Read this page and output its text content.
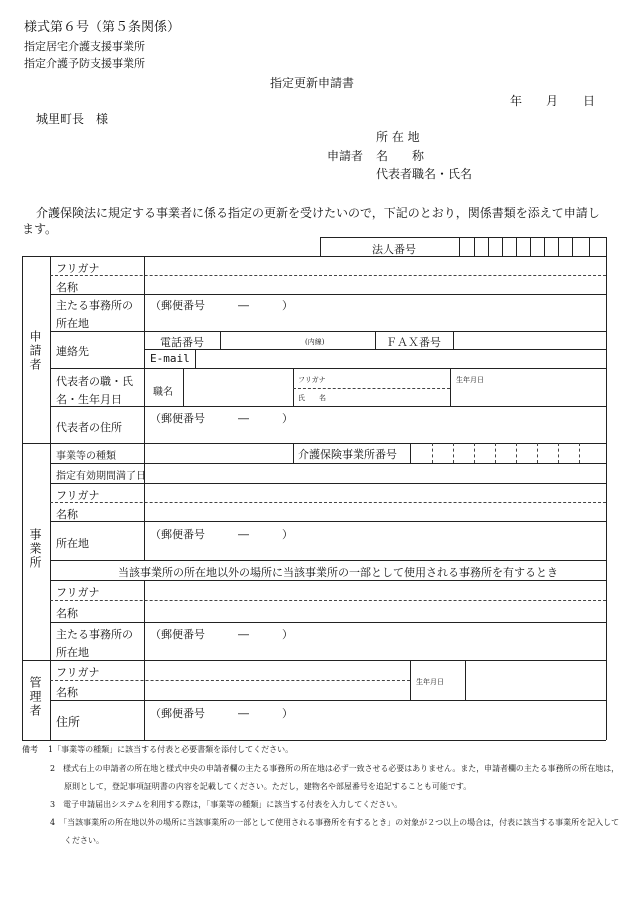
様式第６号（第５条関係）
指定居宅介護支援事業所
指定介護予防支援事業所
指定更新申請書
年 月 日
城里町長　様
所 在 地
申請者 名　　称
代表者職名・氏名
介護保険法に規定する事業者に係る指定の更新を受けたいので，下記のとおり，関係書類を添えて申請し
ます。
法人番号
申請者
フリガナ
名称
主たる事務所の
所在地
（郵便番号　　　―　　　）
連絡先
電話番号	(内線)	ＦＡＸ番号
E-mail
代表者の職・氏
名・生年月日
職名
フリガナ
氏　　名
生年月日
代表者の住所
（郵便番号　　　―　　　）
事業所
事業等の種類	介護保険事業所番号
指定有効期間満了日
フリガナ
名称
所在地
（郵便番号　　　―　　　）
当該事業所の所在地以外の場所に当該事業所の一部として使用される事務所を有するとき
フリガナ
名称
主たる事務所の
所在地
（郵便番号　　　―　　　）
管理者
フリガナ
名称
生年月日
住所
（郵便番号　　　―　　　）
備考 1「事業等の種類」に該当する付表と必要書類を添付してください。
2　様式右上の申請者の所在地と様式中央の申請者欄の主たる事務所の所在地は必ず一致させる必要はありません。また，申請者欄の主たる事務所の所在地は，
原則として，登記事項証明書の内容を記載してください。ただし，建物名や部屋番号を追記することも可能です。
3　電子申請届出システムを利用する際は，「事業等の種類」に該当する付表を入力してください。
4　「当該事業所の所在地以外の場所に当該事業所の一部として使用される事務所を有するとき」の対象が２つ以上の場合は，付表に該当する事業所を記入して
ください。
